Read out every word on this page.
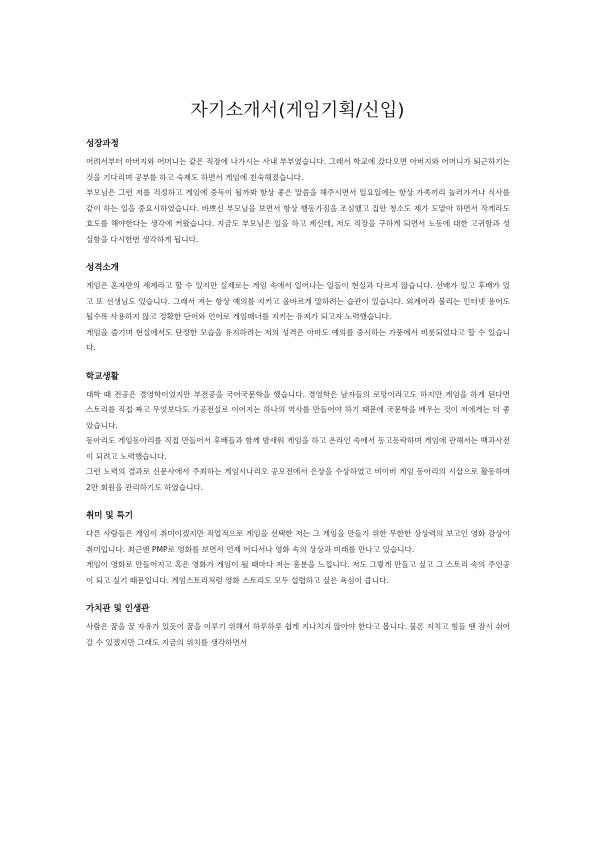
자기소개서(게임기획/신입)
성장과정

어려서부터 아버지와 어머니는 같은 직장에 나가시는 사내 부부였습니다. 그래서 학교에 갔다오면 아버지와 어머니가 퇴근하기는 것을 기다리며 공부를 하고 숙제도 하면서 게임에 친숙해졌습니다.

부모님은 그런 저를 걱정하고 게임에 중독이 될까봐 항상 좋은 말씀을 해주시면서 일요일에는 항상 가족끼리 놀러가거나 식사를 같이 하는 일을 중요시하였습니다. 바쁘신 부모님을 보면서 항상 행동가짐을 조심했고 집안 청소도 제가 도맡아 하면서 작게라도 효도를 해야한다는 생각에 커왔습니다. 지금도 부모님은 일을 하고 계신데, 저도 직장을 구하게 되면서 노동에 대한 고귀함과 성실함을 다시한번 생각하게 됩니다.

성격소개

게임은 혼자만의 세계라고 할 수 있지만 실제로는 게임 속에서 일어나는 일들이 현실과 다르지 않습니다. 선배가 있고 후배가 있고 또 선생님도 있습니다. 그래서 저는 항상 예의를 지키고 올바르게 말하려는 습관이 있습니다. 외계어라 불리는 인터넷 용어도 될수록 사용하지 않고 정확한 단어와 언어로 게임매너를 지키는 유저가 되고자 노력했습니다.

게임을 즐기며 현실에서도 단정한 모습을 유지하려는 저의 성격은 아마도 예의를 중시하는 가풍에서 비롯되었다고 할 수 있습니다.

학교생활

대학 때 전공은 경영학이었지만 부전공을 국어국문학을 했습니다. 경영학은 남자들의 로망이라고도 하지만 게임을 하게 된다면 스토리를 직접 짜고 무엇보다도 가공전설로 이어지는 하나의 역사를 만들어야 하기 때문에 국문학을 배우는 것이 저에게는 더 좋았습니다.

동아리도 게임동아리를 직접 만들어서 후배들과 함께 밤새워 게임을 하고 온라인 속에서 동고동락하며 게임에 관해서는 백과사전이 되려고 노력했습니다.

그런 노력의 결과로 신문사에서 주최하는 게임시나리오 공모전에서 은상을 수상하였고 비이버 게임 동아리의 시삽으로 활동하며 2만 회원을 관리하기도 하였습니다.

취미 및 특기

다른 사람들은 게임이 취미이겠지만 직업적으로 게임을 선택한 저는 그 게임을 만들기 위한 무한한 상상력의 보고인 영화 감상이 취미입니다. 최근엔 PMP로 영화를 보면서 언제 어디서나 영화 속의 상상과 미래를 만나고 있습니다.

게임이 영화로 만들어지고 혹은 영화가 게임이 될 때마다 저는 흥분을 느낍니다. 저도 그렇게 만들고 싶고 그 스토리 속의 주인공이 되고 싶기 때문입니다. 게임스토리처럼 영화 스토리도 모두 섭렵하고 싶은 욕심이 큽니다.

가치관 및 인생관

사람은 꿈을 꿀 자유가 있듯이 꿈을 이루기 위해서 하루하루 쉽게 지나치지 않아야 한다고 봅니다. 물론 지치고 힘들 땐 잠시 쉬어갈 수 있겠지만 그래도 지금의 위치를 생각하면서
